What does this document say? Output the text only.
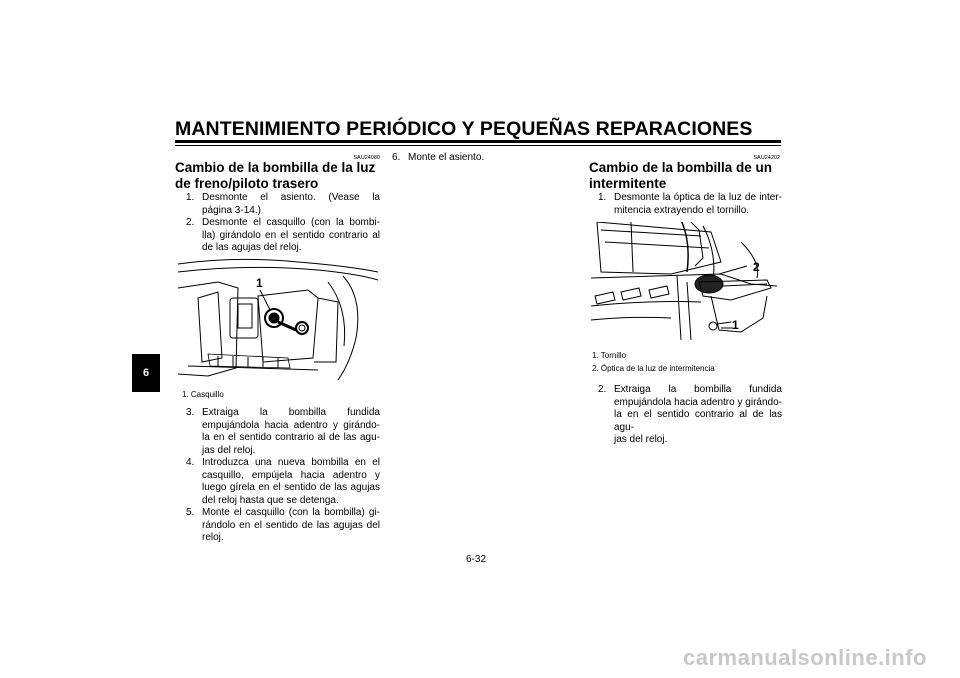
MANTENIMIENTO PERIÓDICO Y PEQUEÑAS REPARACIONES
6
SAU24080
Cambio de la bombilla de la luz
de freno/piloto trasero
1. Desmonte el asiento. (Vease la
página 3-14.)
2. Desmonte el casquillo (con la bombi-
lla) girándolo en el sentido contrario al
de las agujas del reloj.
1
1. Casquillo
3. Extraiga la bombilla fundida
empujándola hacia adentro y girándo-
la en el sentido contrario al de las agu-
jas del reloj.
4. Introduzca una nueva bombilla en el
casquillo, empújela hacia adentro y
luego gírela en el sentido de las agujas
del reloj hasta que se detenga.
5. Monte el casquillo (con la bombilla) gi-
rándolo en el sentido de las agujas del
reloj.
6. Monte el asiento.	SAU24202
Cambio de la bombilla de un
intermitente
1. Desmonte la óptica de la luz de inter-
mitencia extrayendo el tornillo.
2
1
1. Tornillo
2. Óptica de la luz de intermitencia
2. Extraiga la bombilla fundida
empujándola hacia adentro y girándo-
la en el sentido contrario al de las agu-
jas del reloj.
6-32
carmanualsonline.info
